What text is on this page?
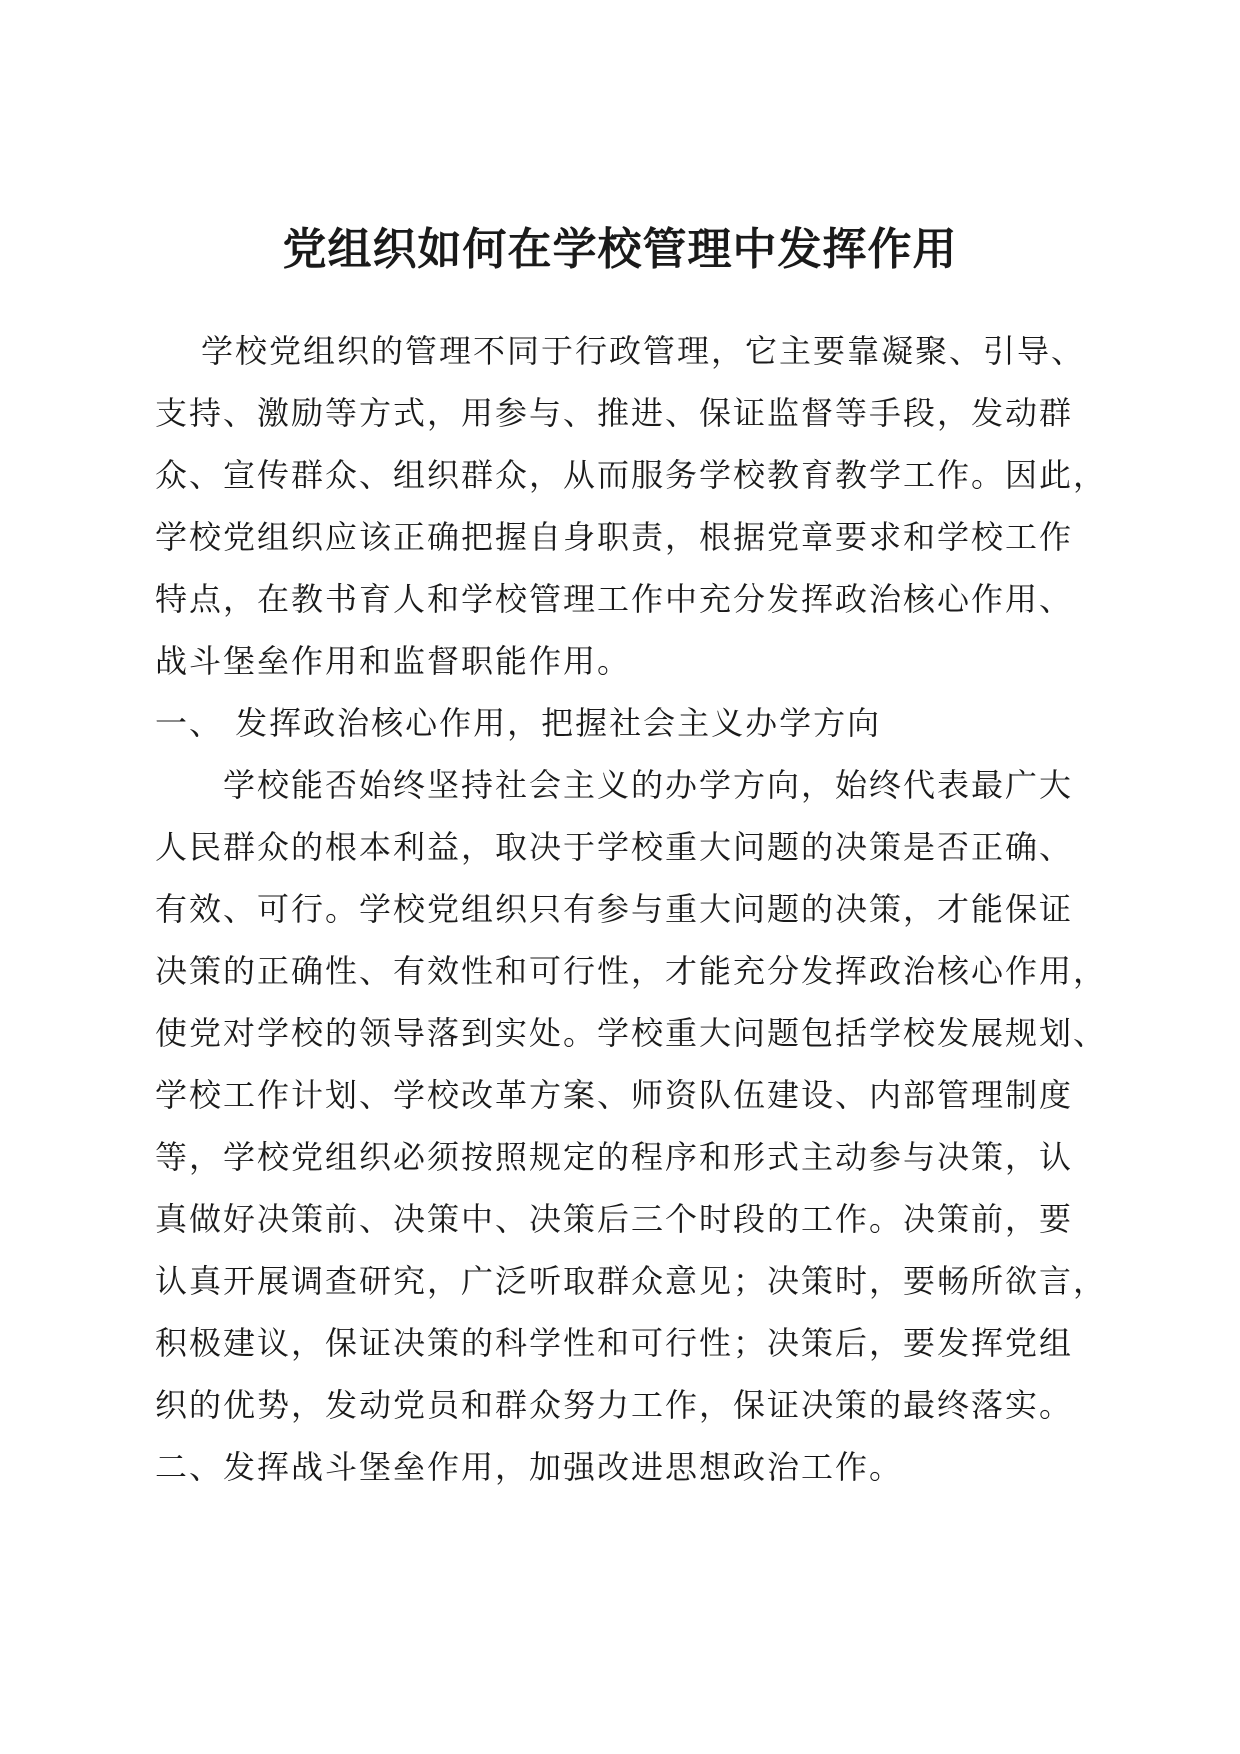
党组织如何在学校管理中发挥作用
学校党组织的管理不同于行政管理，它主要靠凝聚、引导、
支持、激励等方式，用参与、推进、保证监督等手段，发动群
众、宣传群众、组织群众，从而服务学校教育教学工作。因此，
学校党组织应该正确把握自身职责，根据党章要求和学校工作
特点，在教书育人和学校管理工作中充分发挥政治核心作用、
战斗堡垒作用和监督职能作用。
一、 发挥政治核心作用，把握社会主义办学方向
学校能否始终坚持社会主义的办学方向，始终代表最广大
人民群众的根本利益，取决于学校重大问题的决策是否正确、
有效、可行。学校党组织只有参与重大问题的决策，才能保证
决策的正确性、有效性和可行性，才能充分发挥政治核心作用，
使党对学校的领导落到实处。学校重大问题包括学校发展规划、
学校工作计划、学校改革方案、师资队伍建设、内部管理制度
等，学校党组织必须按照规定的程序和形式主动参与决策，认
真做好决策前、决策中、决策后三个时段的工作。决策前，要
认真开展调查研究，广泛听取群众意见；决策时，要畅所欲言，
积极建议，保证决策的科学性和可行性；决策后，要发挥党组
织的优势，发动党员和群众努力工作，保证决策的最终落实。
二、发挥战斗堡垒作用，加强改进思想政治工作。
